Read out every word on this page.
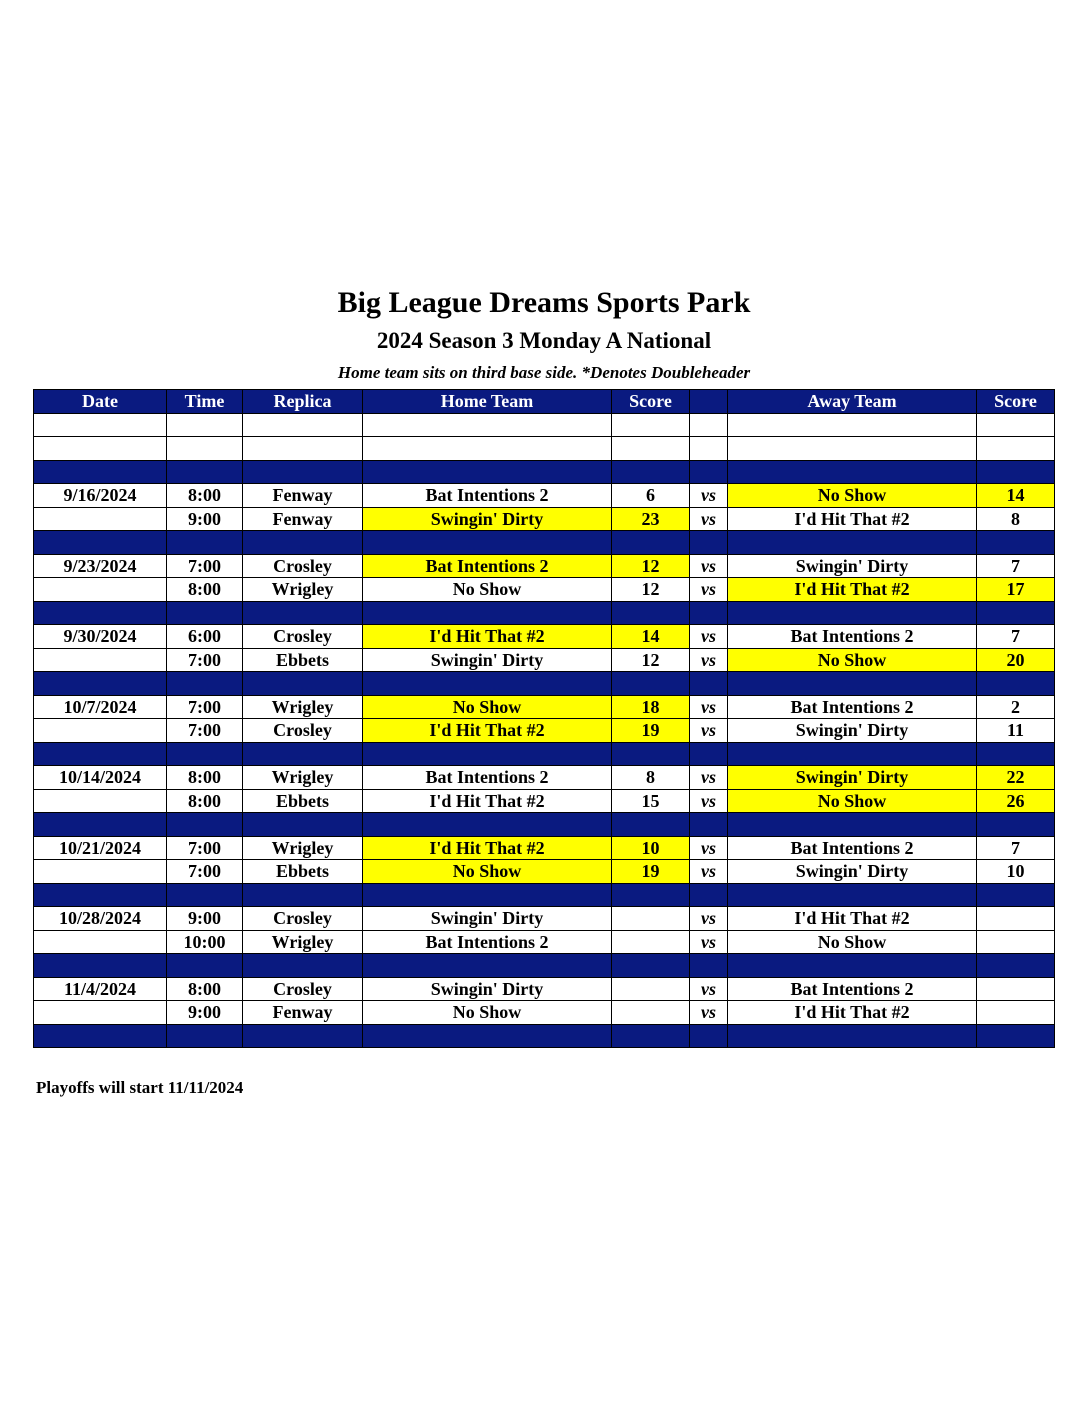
Big League Dreams Sports Park
2024 Season 3 Monday A National
Home team sits on third base side. *Denotes Doubleheader
Date	Time	Replica	Home Team	Score		Away Team	Score

9/16/2024	8:00	Fenway	Bat Intentions 2	6	vs	No Show	14
	9:00	Fenway	Swingin' Dirty	23	vs	I'd Hit That #2	8

9/23/2024	7:00	Crosley	Bat Intentions 2	12	vs	Swingin' Dirty	7
	8:00	Wrigley	No Show	12	vs	I'd Hit That #2	17

9/30/2024	6:00	Crosley	I'd Hit That #2	14	vs	Bat Intentions 2	7
	7:00	Ebbets	Swingin' Dirty	12	vs	No Show	20

10/7/2024	7:00	Wrigley	No Show	18	vs	Bat Intentions 2	2
	7:00	Crosley	I'd Hit That #2	19	vs	Swingin' Dirty	11

10/14/2024	8:00	Wrigley	Bat Intentions 2	8	vs	Swingin' Dirty	22
	8:00	Ebbets	I'd Hit That #2	15	vs	No Show	26

10/21/2024	7:00	Wrigley	I'd Hit That #2	10	vs	Bat Intentions 2	7
	7:00	Ebbets	No Show	19	vs	Swingin' Dirty	10

10/28/2024	9:00	Crosley	Swingin' Dirty		vs	I'd Hit That #2	
	10:00	Wrigley	Bat Intentions 2		vs	No Show	

11/4/2024	8:00	Crosley	Swingin' Dirty		vs	Bat Intentions 2	
	9:00	Fenway	No Show		vs	I'd Hit That #2	

Playoffs will start 11/11/2024
